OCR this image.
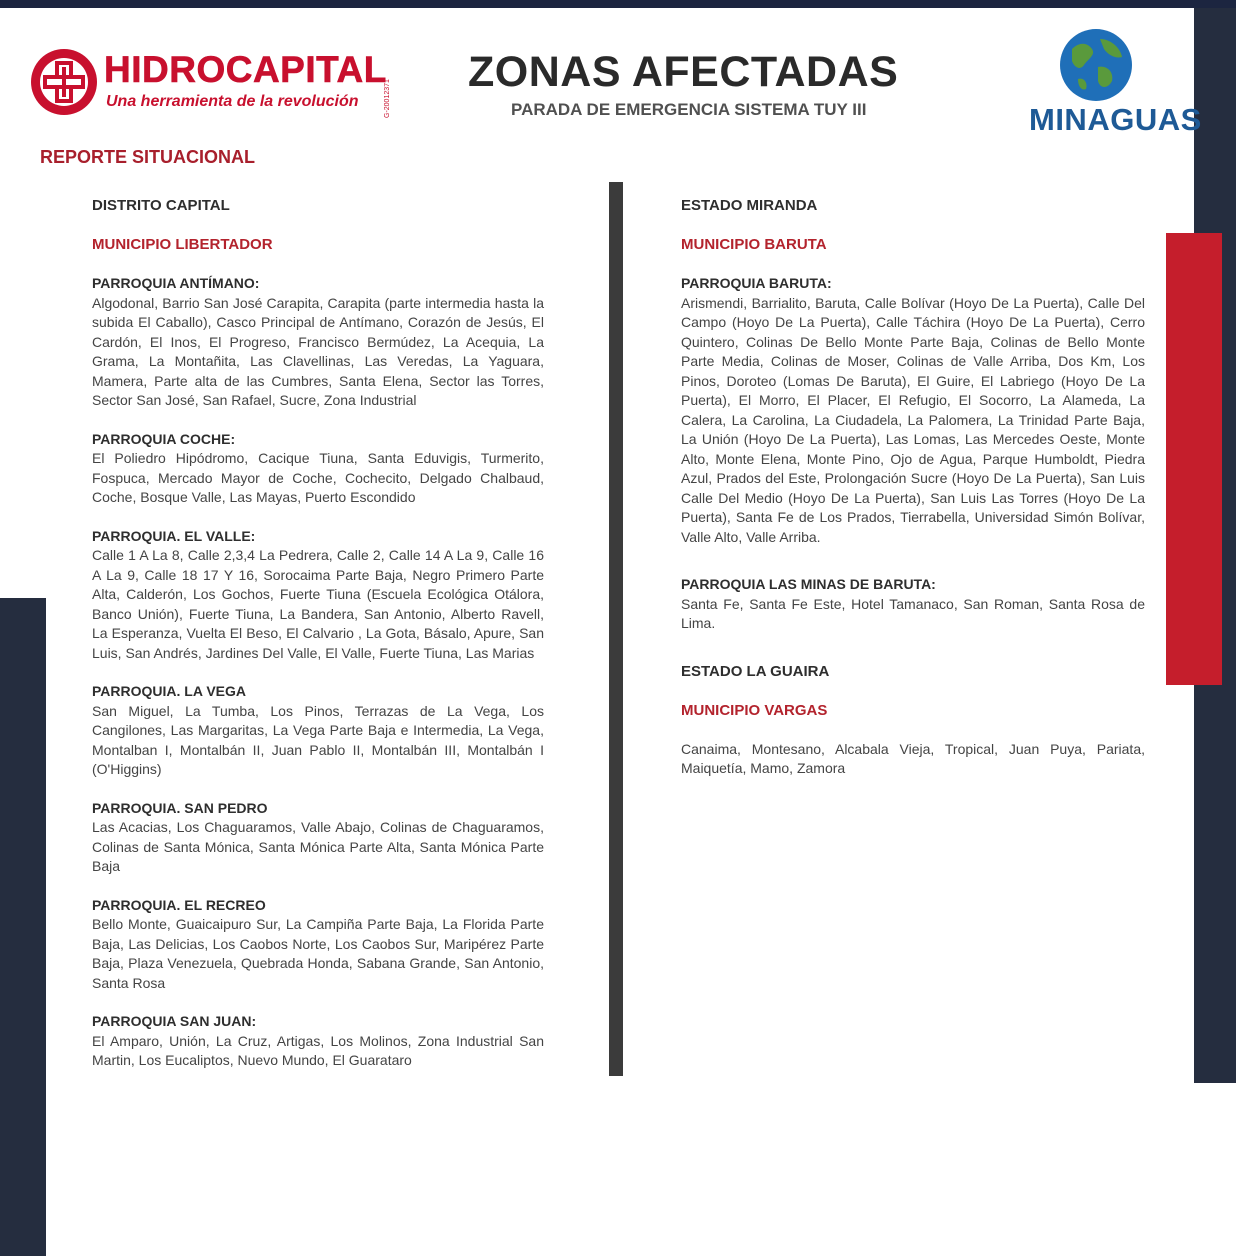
HIDROCAPITAL
Una herramienta de la revolución	G-20012371
ZONAS AFECTADAS
PARADA DE EMERGENCIA SISTEMA TUY III	MINAGUAS
REPORTE SITUACIONAL
DISTRITO CAPITAL
MUNICIPIO LIBERTADOR
PARROQUIA ANTÍMANO:
Algodonal, Barrio San José Carapita, Carapita (parte intermedia hasta la subida El Caballo), Casco Principal de Antímano, Corazón de Jesús, El Cardón, El Inos, El Progreso, Francisco Bermúdez, La Acequia, La Grama, La Montañita, Las Clavellinas, Las Veredas, La Yaguara, Mamera, Parte alta de las Cumbres, Santa Elena, Sector las Torres, Sector San José, San Rafael, Sucre, Zona Industrial
PARROQUIA COCHE:
El Poliedro Hipódromo, Cacique Tiuna, Santa Eduvigis, Turmerito, Fospuca, Mercado Mayor de Coche, Cochecito, Delgado Chalbaud, Coche, Bosque Valle, Las Mayas, Puerto Escondido
PARROQUIA. EL VALLE:
Calle 1 A La 8, Calle 2,3,4 La Pedrera, Calle 2, Calle 14 A La 9, Calle 16 A La 9, Calle 18 17 Y 16, Sorocaima Parte Baja, Negro Primero Parte Alta, Calderón, Los Gochos, Fuerte Tiuna (Escuela Ecológica Otálora, Banco Unión), Fuerte Tiuna, La Bandera, San Antonio, Alberto Ravell, La Esperanza, Vuelta El Beso, El Calvario , La Gota, Básalo, Apure, San Luis, San Andrés, Jardines Del Valle, El Valle, Fuerte Tiuna, Las Marias
PARROQUIA. LA VEGA
San Miguel, La Tumba, Los Pinos, Terrazas de La Vega, Los Cangilones, Las Margaritas, La Vega Parte Baja e Intermedia, La Vega, Montalban I, Montalbán II, Juan Pablo II, Montalbán III, Montalbán I (O'Higgins)
PARROQUIA. SAN PEDRO
Las Acacias, Los Chaguaramos, Valle Abajo, Colinas de Chaguaramos, Colinas de Santa Mónica, Santa Mónica Parte Alta, Santa Mónica Parte Baja
PARROQUIA. EL RECREO
Bello Monte, Guaicaipuro Sur, La Campiña Parte Baja, La Florida Parte Baja, Las Delicias, Los Caobos Norte, Los Caobos Sur, Maripérez Parte Baja, Plaza Venezuela, Quebrada Honda, Sabana Grande, San Antonio, Santa Rosa
PARROQUIA SAN JUAN:
El Amparo, Unión, La Cruz, Artigas, Los Molinos, Zona Industrial San Martin, Los Eucaliptos, Nuevo Mundo, El Guarataro
ESTADO MIRANDA
MUNICIPIO BARUTA
PARROQUIA BARUTA:
Arismendi, Barrialito, Baruta, Calle Bolívar (Hoyo De La Puerta), Calle Del Campo (Hoyo De La Puerta), Calle Táchira (Hoyo De La Puerta), Cerro Quintero, Colinas De Bello Monte Parte Baja, Colinas de Bello Monte Parte Media, Colinas de Moser, Colinas de Valle Arriba, Dos Km, Los Pinos, Doroteo (Lomas De Baruta), El Guire, El Labriego (Hoyo De La Puerta), El Morro, El Placer, El Refugio, El Socorro, La Alameda, La Calera, La Carolina, La Ciudadela, La Palomera, La Trinidad Parte Baja, La Unión (Hoyo De La Puerta), Las Lomas, Las Mercedes Oeste, Monte Alto, Monte Elena, Monte Pino, Ojo de Agua, Parque Humboldt, Piedra Azul, Prados del Este, Prolongación Sucre (Hoyo De La Puerta), San Luis Calle Del Medio (Hoyo De La Puerta), San Luis Las Torres (Hoyo De La Puerta), Santa Fe de Los Prados, Tierrabella, Universidad Simón Bolívar, Valle Alto, Valle Arriba.
PARROQUIA LAS MINAS DE BARUTA:
Santa Fe, Santa Fe Este, Hotel Tamanaco, San Roman, Santa Rosa de Lima.
ESTADO LA GUAIRA
MUNICIPIO VARGAS
Canaima, Montesano, Alcabala Vieja, Tropical, Juan Puya, Pariata, Maiquetía, Mamo, Zamora
